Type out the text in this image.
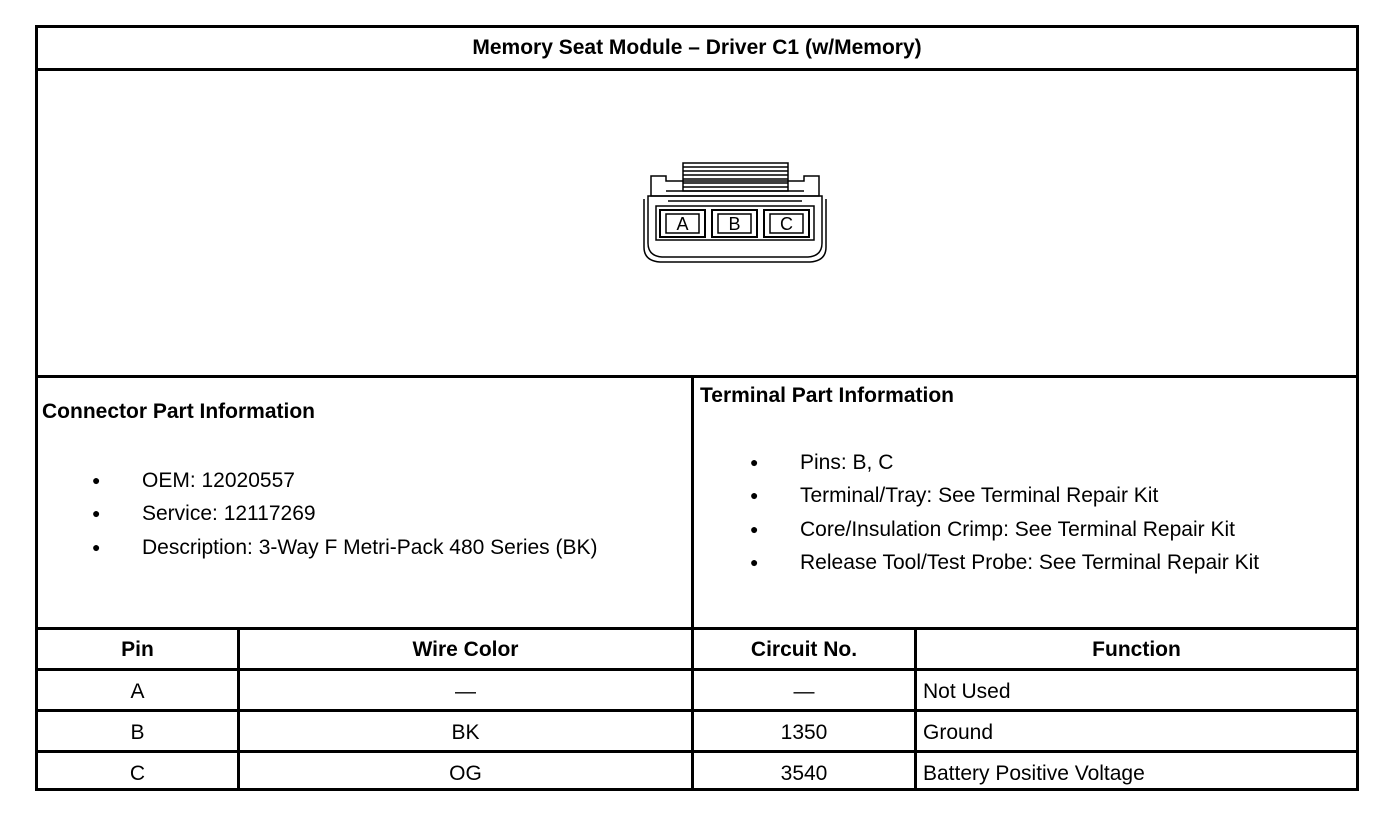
Memory Seat Module – Driver C1 (w/Memory)
A B C
Connector Part Information
● OEM: 12020557
● Service: 12117269
● Description: 3-Way F Metri-Pack 480 Series (BK)
Terminal Part Information
● Pins: B, C
● Terminal/Tray: See Terminal Repair Kit
● Core/Insulation Crimp: See Terminal Repair Kit
● Release Tool/Test Probe: See Terminal Repair Kit
Pin	Wire Color	Circuit No.	Function
A	—	—	Not Used
B	BK	1350	Ground
C	OG	3540	Battery Positive Voltage
